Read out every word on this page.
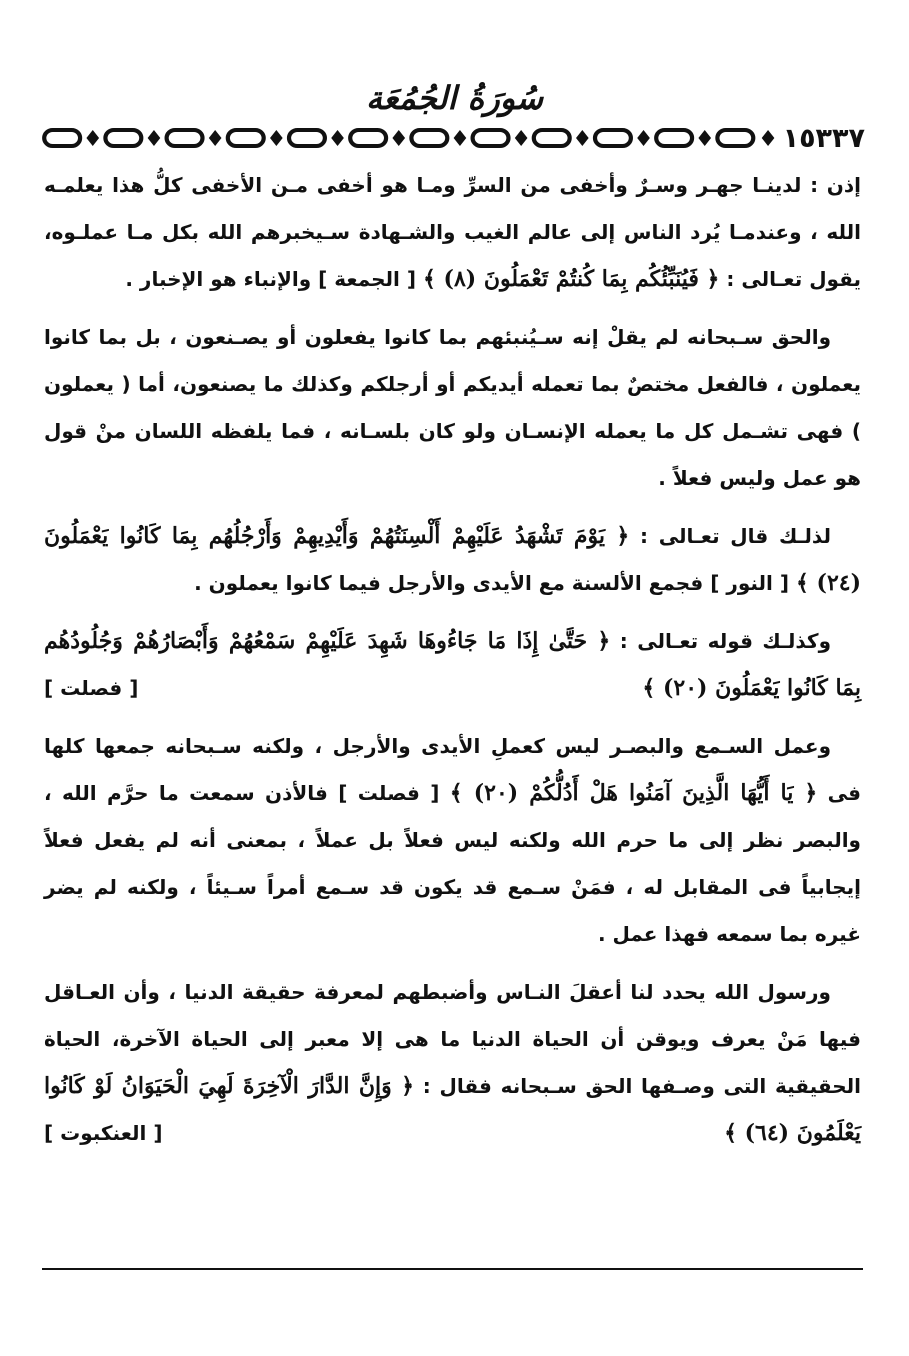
سُورَةُ الجُمُعَة
١٥٣٣٧

إذن : لدينـا جهـر وسـرٌ وأخفى من السرِّ ومـا هو أخفى مـن الأخفى كلُّ هذا يعلمـه الله ، وعندمـا يُرد الناس إلى عالم الغيب والشـهادة سـيخبرهم الله بكل مـا عملـوه، يقول تعـالى : ﴿ فَيُنَبِّئُكُم بِمَا كُنتُمْ تَعْمَلُونَ (٨) ﴾ [ الجمعة ] والإنباء هو الإخبار .

والحق سـبحانه لم يقلْ إنه سـيُنبئهم بما كانوا يفعلون أو يصـنعون ، بل بما كانوا يعملون ، فالفعل مختصٌ بما تعمله أيديكم أو أرجلكم وكذلك ما يصنعون، أما ( يعملون ) فهى تشـمل كل ما يعمله الإنسـان ولو كان بلسـانه ، فما يلفظه اللسان منْ قول هو عمل وليس فعلاً .

لذلـك قال تعـالى : ﴿ يَوْمَ تَشْهَدُ عَلَيْهِمْ أَلْسِنَتُهُمْ وَأَيْدِيهِمْ وَأَرْجُلُهُم بِمَا كَانُوا يَعْمَلُونَ (٢٤) ﴾ [ النور ] فجمع الألسنة مع الأيدى والأرجل فيما كانوا يعملون .

وكذلـك قوله تعـالى : ﴿ حَتَّىٰ إِذَا مَا جَاءُوهَا شَهِدَ عَلَيْهِمْ سَمْعُهُمْ وَأَبْصَارُهُمْ وَجُلُودُهُم بِمَا كَانُوا يَعْمَلُونَ (٢٠) ﴾
[ فصلت ]

وعمل السـمع والبصـر ليس كعملِ الأيدى والأرجل ، ولكنه سـبحانه جمعها كلها فى ﴿ يَا أَيُّهَا الَّذِينَ آمَنُوا هَلْ أَدُلُّكُمْ (٢٠) ﴾ [ فصلت ] فالأذن سمعت ما حرَّم الله ، والبصر نظر إلى ما حرم الله ولكنه ليس فعلاً بل عملاً ، بمعنى أنه لم يفعل فعلاً إيجابياً فى المقابل له ، فمَنْ سـمع قد يكون قد سـمع أمراً سـيئاً ، ولكنه لم يضر غيره بما سمعه فهذا عمل .

ورسول الله يحدد لنا أعقلَ النـاس وأضبطهم لمعرفة حقيقة الدنيا ، وأن العـاقل فيها مَنْ يعرف ويوقن أن الحياة الدنيا ما هى إلا معبر إلى الحياة الآخرة، الحياة الحقيقية التى وصـفها الحق سـبحانه فقال : ﴿ وَإِنَّ الدَّارَ الْآخِرَةَ لَهِيَ الْحَيَوَانُ لَوْ كَانُوا يَعْلَمُونَ (٦٤) ﴾
[ العنكبوت ]
